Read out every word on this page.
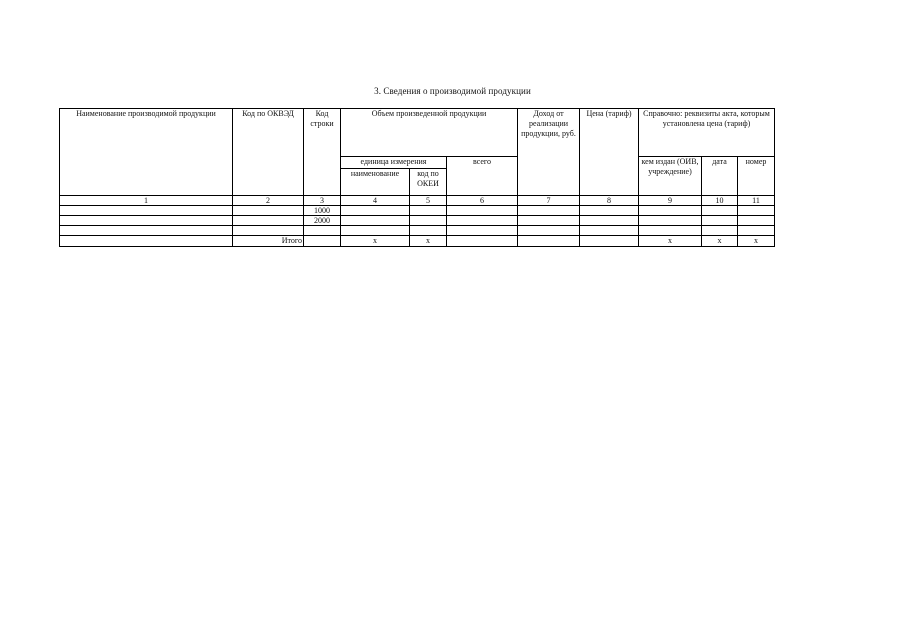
3. Сведения о производимой продукции
Наименование производимой продукции	Код по ОКВЭД	Код строки	Объем произведенной продукции			Доход от реализации продукции, руб.	Цена (тариф)	Справочно: реквизиты акта, которым установлена цена (тариф)		
			единица измерения		всего			кем издан (ОИВ, учреждение)	дата	номер
			наименование	код по ОКЕИ						
1	2	3	4	5	6	7	8	9	10	11
		1000								
		2000								

	Итого		х	х				х	х	х
